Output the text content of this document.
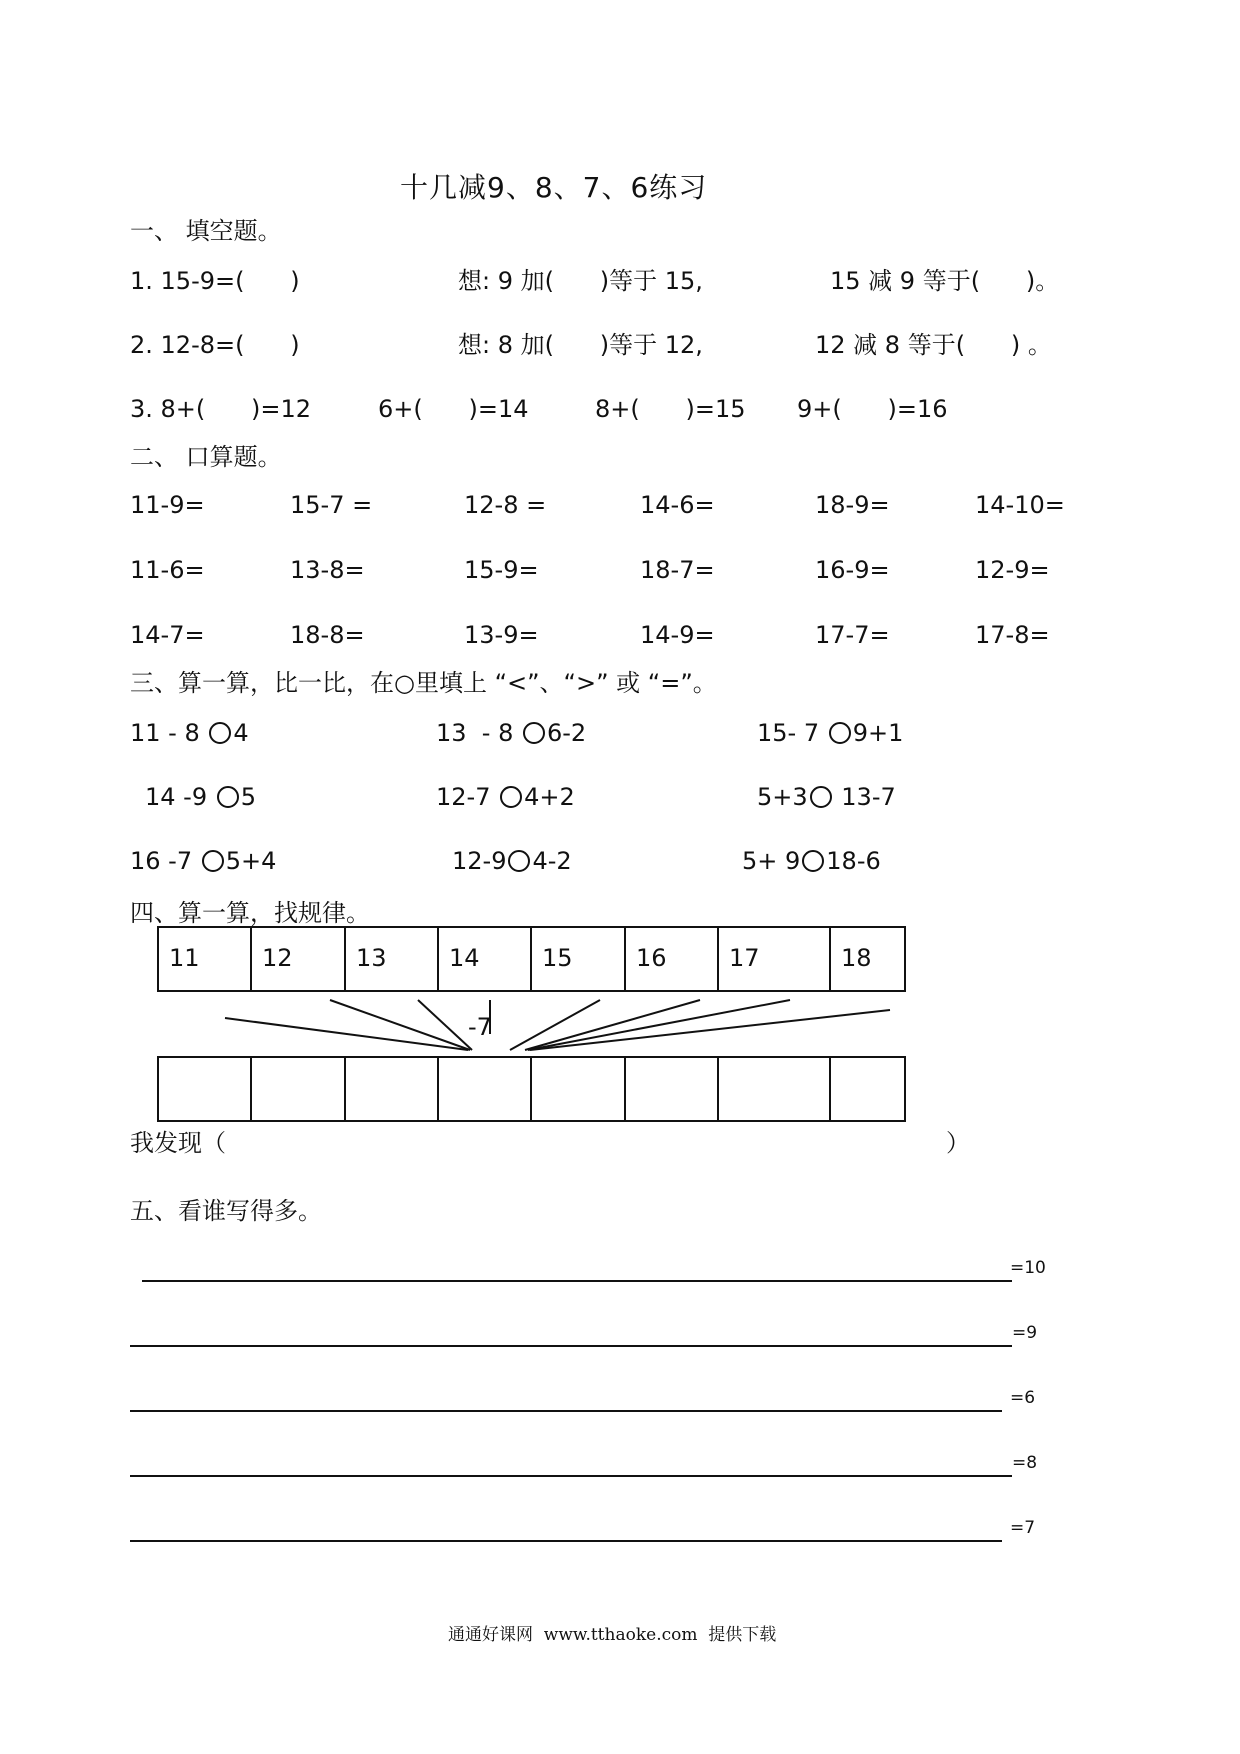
十几减9、8、7、6练习
一、 填空题。
1. 15-9=(      )	想: 9 加(      )等于 15,	15 减 9 等于(      )。
2. 12-8=(      )	想: 8 加(      )等于 12,	12 减 8 等于(      ) 。
3. 8+(      )=12	6+(      )=14	8+(      )=15 9+(      )=16
二、 口算题。
11-9=	15-7 =	12-8 =	14-6=	18-9=	14-10=
11-6=	13-8=	15-9=	18-7=	16-9=	12-9=
14-7=	18-8=	13-9=	14-9=	17-7=	17-8=
三、算一算，比一比，在○里填上 “<”、“>” 或 “=”。
11 - 8 4	13  - 8 6-2	15- 7 9+1
14 -9 5	12-7 4+2	5+3 13-7
16 -7 5+4	12-9 4-2	5+ 9 18-6
四、算一算，找规律。
11	12	13	14	15	16	17	18
-7
我发现（	）
五、看谁写得多。
=10
=9
=6
=8
=7
通通好课网  www.tthaoke.com  提供下载
